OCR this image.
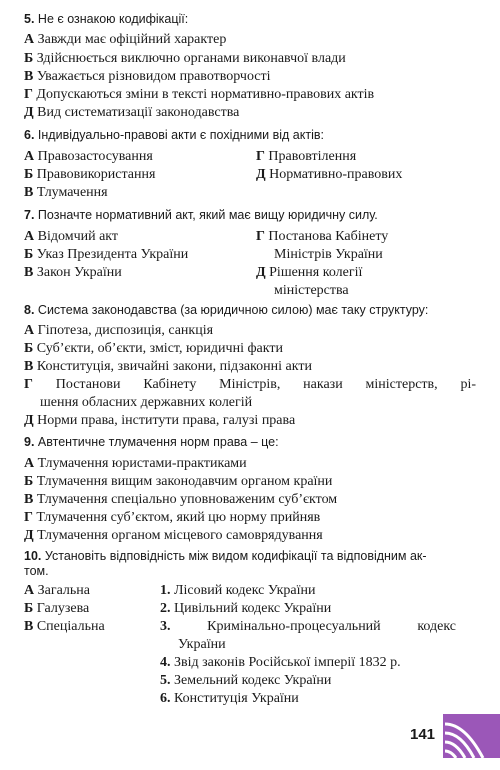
5. Не є ознакою кодифікації:
А Завжди має офіційний характер
Б Здійснюється виключно органами виконавчої влади
В Уважається різновидом правотворчості
Г Допускаються зміни в тексті нормативно-правових актів
Д Вид систематизації законодавства
6. Індивідуально-правові акти є похідними від актів:
А Правозастосування
Б Правовикористання
В Тлумачення
Г Правовтілення
Д Нормативно-правових
7. Позначте нормативний акт, який має вищу юридичну силу.
А Відомчий акт
Б Указ Президента України
В Закон України
Г Постанова Кабінету
Міністрів України
Д Рішення колегії
міністерства
8. Система законодавства (за юридичною силою) має таку структуру:
А Гіпотеза, диспозиція, санкція
Б Суб’єкти, об’єкти, зміст, юридичні факти
В Конституція, звичайні закони, підзаконні акти
Г Постанови Кабінету Міністрів, накази міністерств, рі-
шення обласних державних колегій
Д Норми права, інститути права, галузі права
9. Автентичне тлумачення норм права – це:
А Тлумачення юристами-практиками
Б Тлумачення вищим законодавчим органом країни
В Тлумачення спеціально уповноваженим суб’єктом
Г Тлумачення суб’єктом, який цю норму прийняв
Д Тлумачення органом місцевого самоврядування
10. Установіть відповідність між видом кодифікації та відповідним ак-
том.
А Загальна
Б Галузева
В Спеціальна
1. Лісовий кодекс України
2. Цивільний кодекс України
3.	Кримінально-процесуальний кодекс
України
4. Звід законів Російської імперії 1832 р.
5. Земельний кодекс України
6. Конституція України
141
